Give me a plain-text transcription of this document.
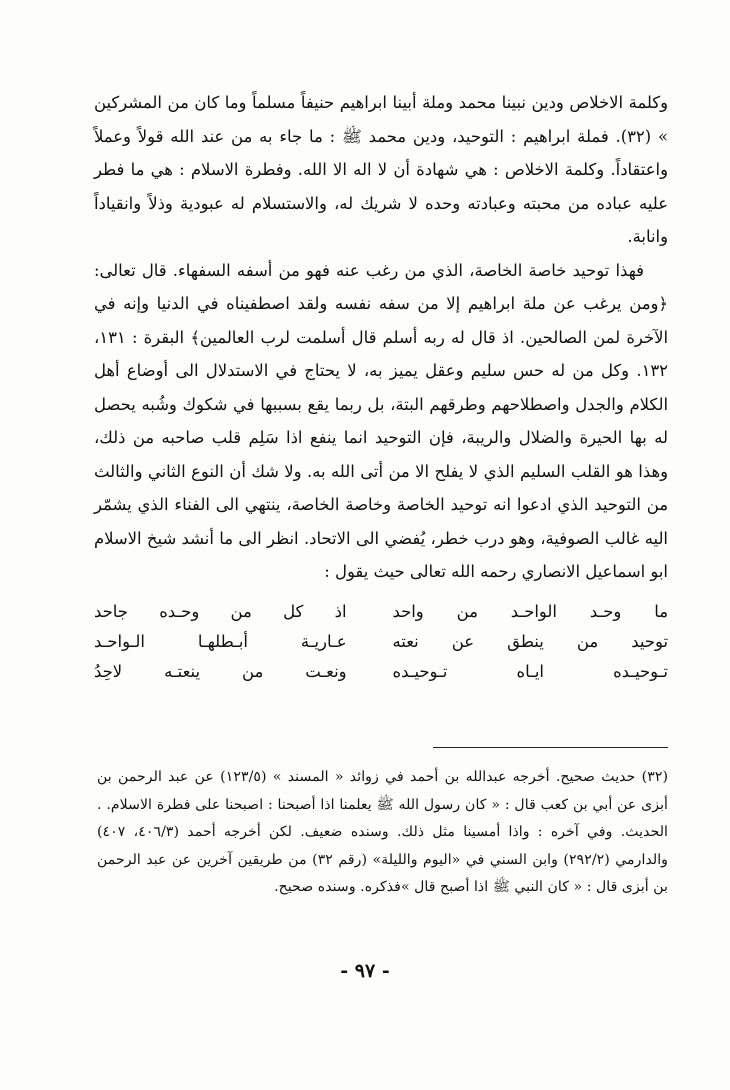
وكلمة الاخلاص ودين نبينا محمد وملة أبينا ابراهيم حنيفاً مسلماً وما كان من المشركين » (٣٢). فملة ابراهيم : التوحيد، ودين محمد ﷺ : ما جاء به من عند الله قولاً وعملاً واعتقاداً. وكلمة الاخلاص : هي شهادة أن لا اله الا الله. وفطرة الاسلام : هي ما فطر عليه عباده من محبته وعبادته وحده لا شريك له، والاستسلام له عبودية وذلاً وانقياداً وانابة.

فهذا توحيد خاصة الخاصة، الذي من رغب عنه فهو من أسفه السفهاء. قال تعالى: ﴿ومن يرغب عن ملة ابراهيم إلا من سفه نفسه ولقد اصطفيناه في الدنيا وإنه في الآخرة لمن الصالحين. اذ قال له ربه أسلم قال أسلمت لرب العالمين﴾ البقرة : ١٣١، ١٣٢. وكل من له حس سليم وعقل يميز به، لا يحتاج في الاستدلال الى أوضاع أهل الكلام والجدل واصطلاحهم وطرقهم البتة، بل ربما يقع بسببها في شكوك وشُبه يحصل له بها الحيرة والضلال والريبة، فإن التوحيد انما ينفع اذا سَلِم قلب صاحبه من ذلك، وهذا هو القلب السليم الذي لا يفلح الا من أتى الله به. ولا شك أن النوع الثاني والثالث من التوحيد الذي ادعوا انه توحيد الخاصة وخاصة الخاصة، ينتهي الى الفناء الذي يشمّر اليه غالب الصوفية، وهو درب خطر، يُفضي الى الاتحاد. انظر الى ما أنشد شيخ الاسلام ابو اسماعيل الانصاري رحمه الله تعالى حيث يقول :

ما وحـد الواحـد من واحد
اذ كل من وحـده جاحد
توحيد من ينطق عن نعته
عـاريـة أبـطلهـا الـواحـد
تـوحيـده ايـاه تـوحيـده
ونعـت من ينعتـه لاحِدُ

(٣٢) حديث صحيح. أخرجه عبدالله بن أحمد في زوائد « المسند » (١٢٣/٥) عن عبد الرحمن بن أبزى عن أبي بن كعب قال : « كان رسول الله ﷺ يعلمنا اذا أصبحنا : اصبحنا على فطرة الاسلام. . الحديث. وفي آخره : واذا أمسينا مثل ذلك. وسنده ضعيف. لكن أخرجه أحمد (٤٠٦/٣، ٤٠٧) والدارمي (٢٩٢/٢) وابن السني في «اليوم والليلة» (رقم ٣٢) من طريقين آخرين عن عبد الرحمن بن أبزى قال : « كان النبي ﷺ اذا أصبح قال »فذكره. وسنده صحيح.

- ٩٧ -
